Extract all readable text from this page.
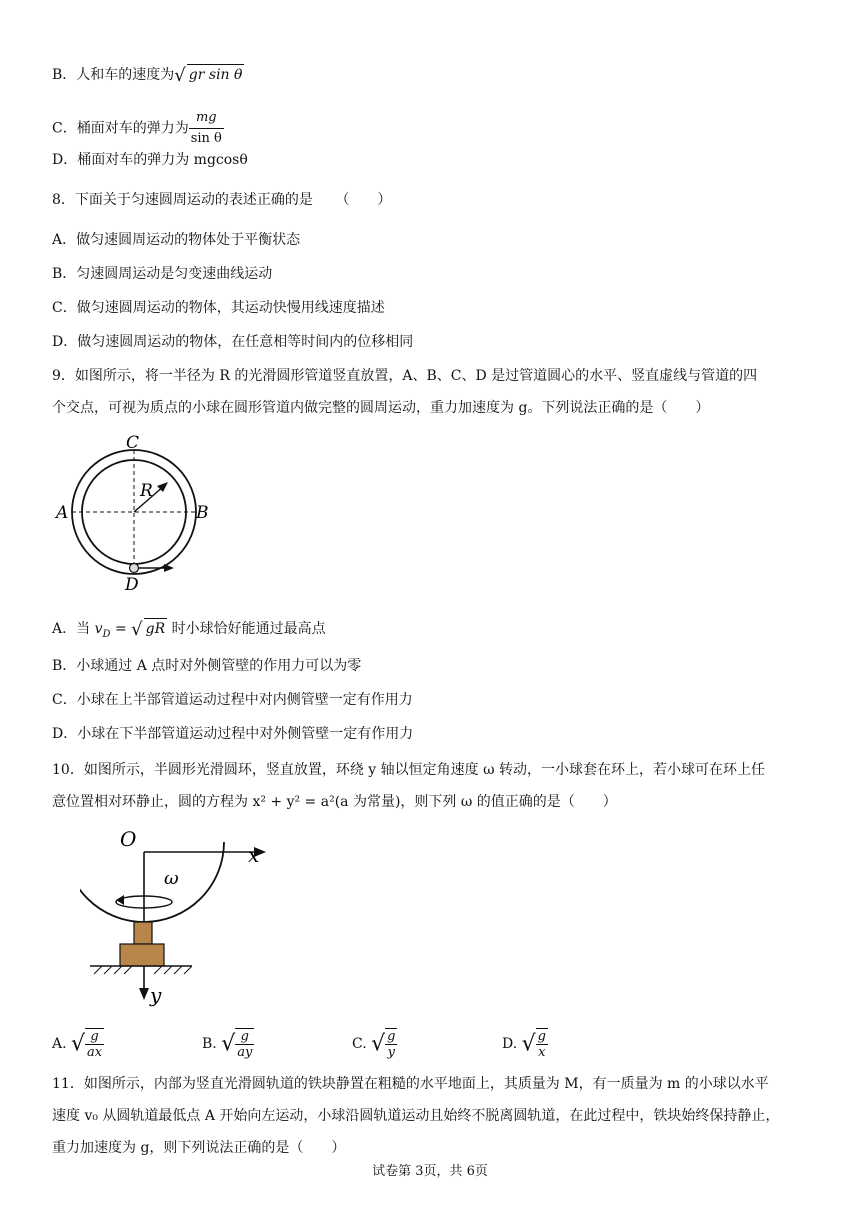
B．人和车的速度为√ gr sin θ
C．桶面对车的弹力为 $\frac{mg}{\text{sin θ}}$
D．桶面对车的弹力为 mgcosθ
8．下面关于匀速圆周运动的表述正确的是 （　　）
A．做匀速圆周运动的物体处于平衡状态
B．匀速圆周运动是匀变速曲线运动
C．做匀速圆周运动的物体，其运动快慢用线速度描述
D．做匀速圆周运动的物体，在任意相等时间内的位移相同
9．如图所示，将一半径为 R 的光滑圆形管道竖直放置，A、B、C、D 是过管道圆心的水平、竖直虚线与管道的四
个交点，可视为质点的小球在圆形管道内做完整的圆周运动，重力加速度为 g。下列说法正确的是（　　）
C
A	B
D
R
A．当 $v_D$ = √ gR 时小球恰好能通过最高点
B．小球通过 A 点时对外侧管壁的作用力可以为零
C．小球在上半部管道运动过程中对内侧管壁一定有作用力
D．小球在下半部管道运动过程中对外侧管壁一定有作用力
10．如图所示，半圆形光滑圆环，竖直放置，环绕 y 轴以恒定角速度 ω 转动，一小球套在环上，若小球可在环上任
意位置相对环静止，圆的方程为 x² + y² = a²(a 为常量)，则下列 ω 的值正确的是（　　）
O
x
y
ω
A. √ $\frac{g}{ax}$	B. √ $\frac{g}{ay}$	C. √ $\frac{g}{y}$	D. √ $\frac{g}{x}$
11．如图所示，内部为竖直光滑圆轨道的铁块静置在粗糙的水平地面上，其质量为 M，有一质量为 m 的小球以水平
速度 v₀ 从圆轨道最低点 A 开始向左运动，小球沿圆轨道运动且始终不脱离圆轨道，在此过程中，铁块始终保持静止，
重力加速度为 g，则下列说法正确的是（　　）
试卷第 3页，共 6页
